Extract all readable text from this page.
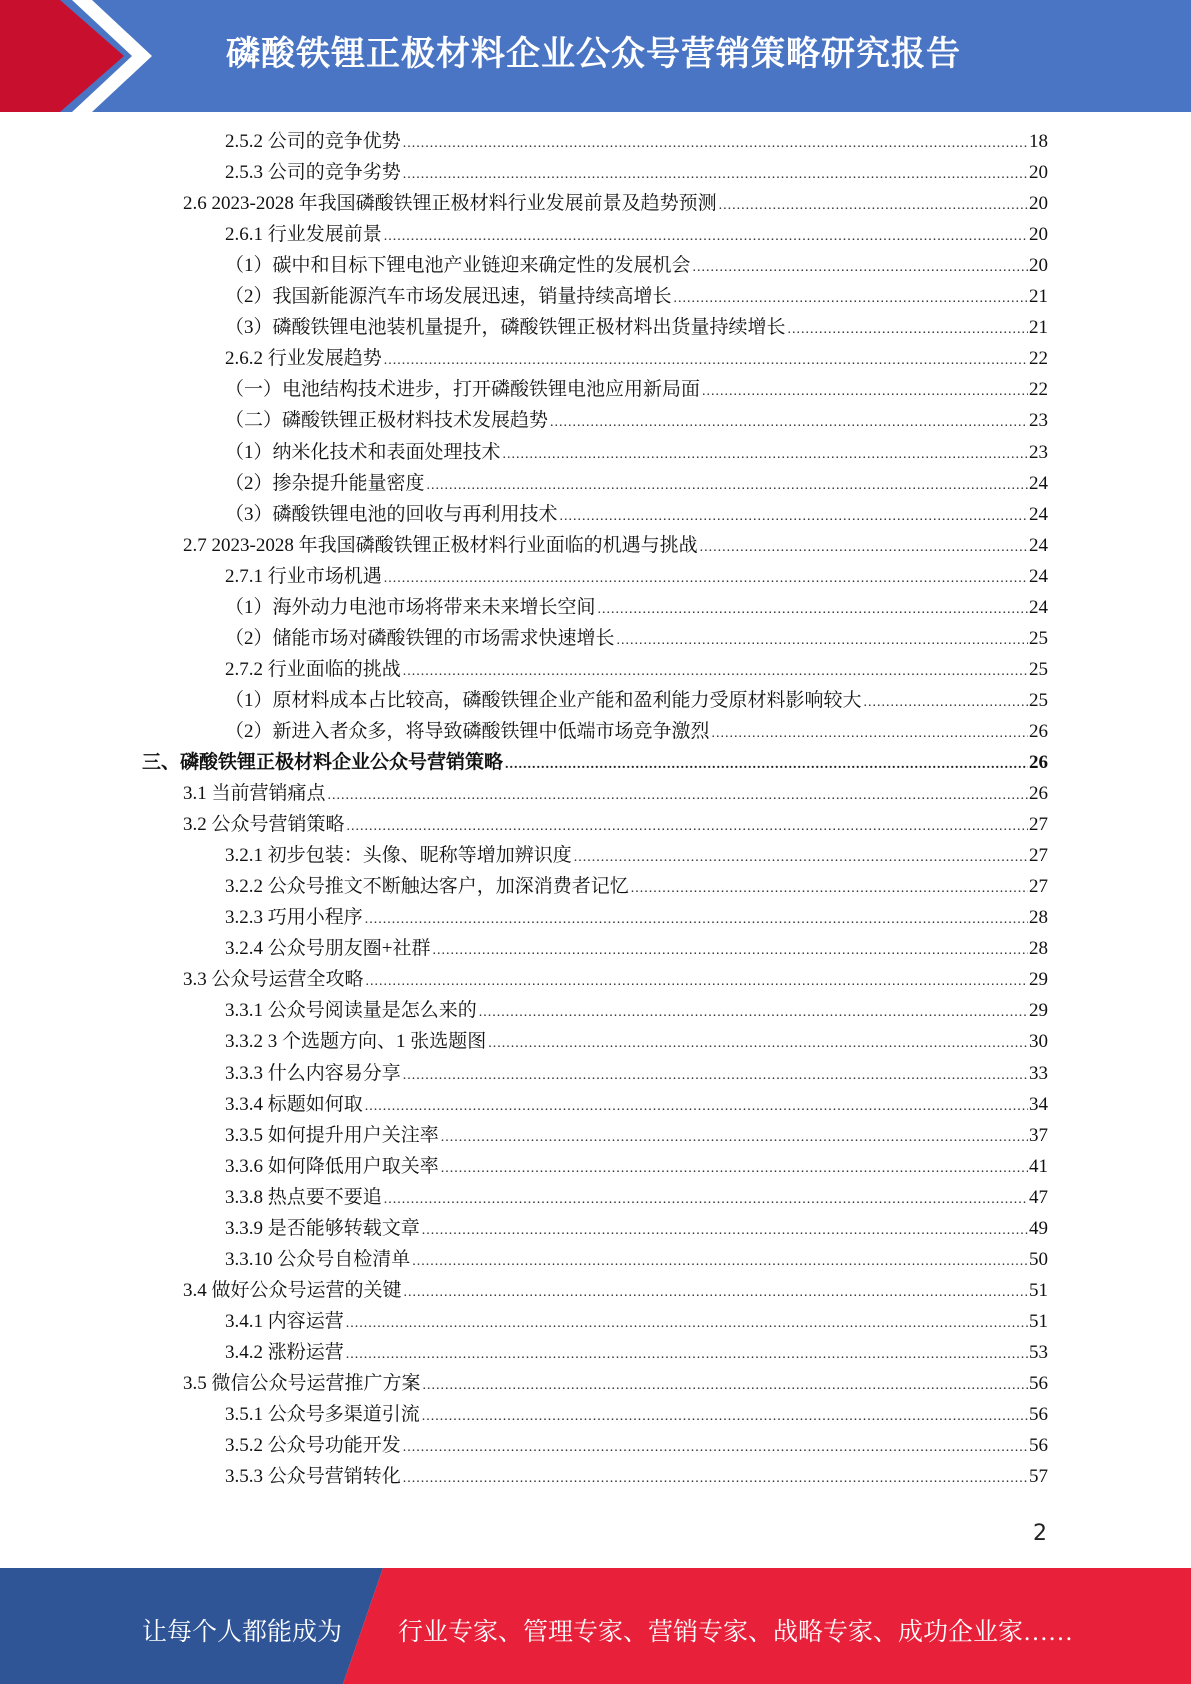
磷酸铁锂正极材料企业公众号营销策略研究报告
2.5.2 公司的竞争优势 .....	18
2.5.3 公司的竞争劣势 .....	20
2.6 2023-2028 年我国磷酸铁锂正极材料行业发展前景及趋势预测 .....	20
2.6.1 行业发展前景 .....	20
（1）碳中和目标下锂电池产业链迎来确定性的发展机会 .....	20
（2）我国新能源汽车市场发展迅速，销量持续高增长 .....	21
（3）磷酸铁锂电池装机量提升，磷酸铁锂正极材料出货量持续增长 .....	21
2.6.2 行业发展趋势 .....	22
（一）电池结构技术进步，打开磷酸铁锂电池应用新局面 .....	22
（二）磷酸铁锂正极材料技术发展趋势 .....	23
（1）纳米化技术和表面处理技术 .....	23
（2）掺杂提升能量密度 .....	24
（3）磷酸铁锂电池的回收与再利用技术 .....	24
2.7 2023-2028 年我国磷酸铁锂正极材料行业面临的机遇与挑战 .....	24
2.7.1 行业市场机遇 .....	24
（1）海外动力电池市场将带来未来增长空间 .....	24
（2）储能市场对磷酸铁锂的市场需求快速增长 .....	25
2.7.2 行业面临的挑战 .....	25
（1）原材料成本占比较高，磷酸铁锂企业产能和盈利能力受原材料影响较大 .....	25
（2）新进入者众多，将导致磷酸铁锂中低端市场竞争激烈 .....	26
三、磷酸铁锂正极材料企业公众号营销策略 .....	26
3.1 当前营销痛点 .....	26
3.2 公众号营销策略 .....	27
3.2.1 初步包装：头像、昵称等增加辨识度 .....	27
3.2.2 公众号推文不断触达客户，加深消费者记忆 .....	27
3.2.3 巧用小程序 .....	28
3.2.4 公众号朋友圈+社群 .....	28
3.3 公众号运营全攻略 .....	29
3.3.1 公众号阅读量是怎么来的 .....	29
3.3.2 3 个选题方向、1 张选题图 .....	30
3.3.3 什么内容易分享 .....	33
3.3.4 标题如何取 .....	34
3.3.5 如何提升用户关注率 .....	37
3.3.6 如何降低用户取关率 .....	41
3.3.8 热点要不要追 .....	47
3.3.9 是否能够转载文章 .....	49
3.3.10 公众号自检清单 .....	50
3.4 做好公众号运营的关键 .....	51
3.4.1 内容运营 .....	51
3.4.2 涨粉运营 .....	53
3.5 微信公众号运营推广方案 .....	56
3.5.1 公众号多渠道引流 .....	56
3.5.2 公众号功能开发 .....	56
3.5.3 公众号营销转化 .....	57
2
让每个人都能成为 行业专家、管理专家、营销专家、战略专家、成功企业家……
